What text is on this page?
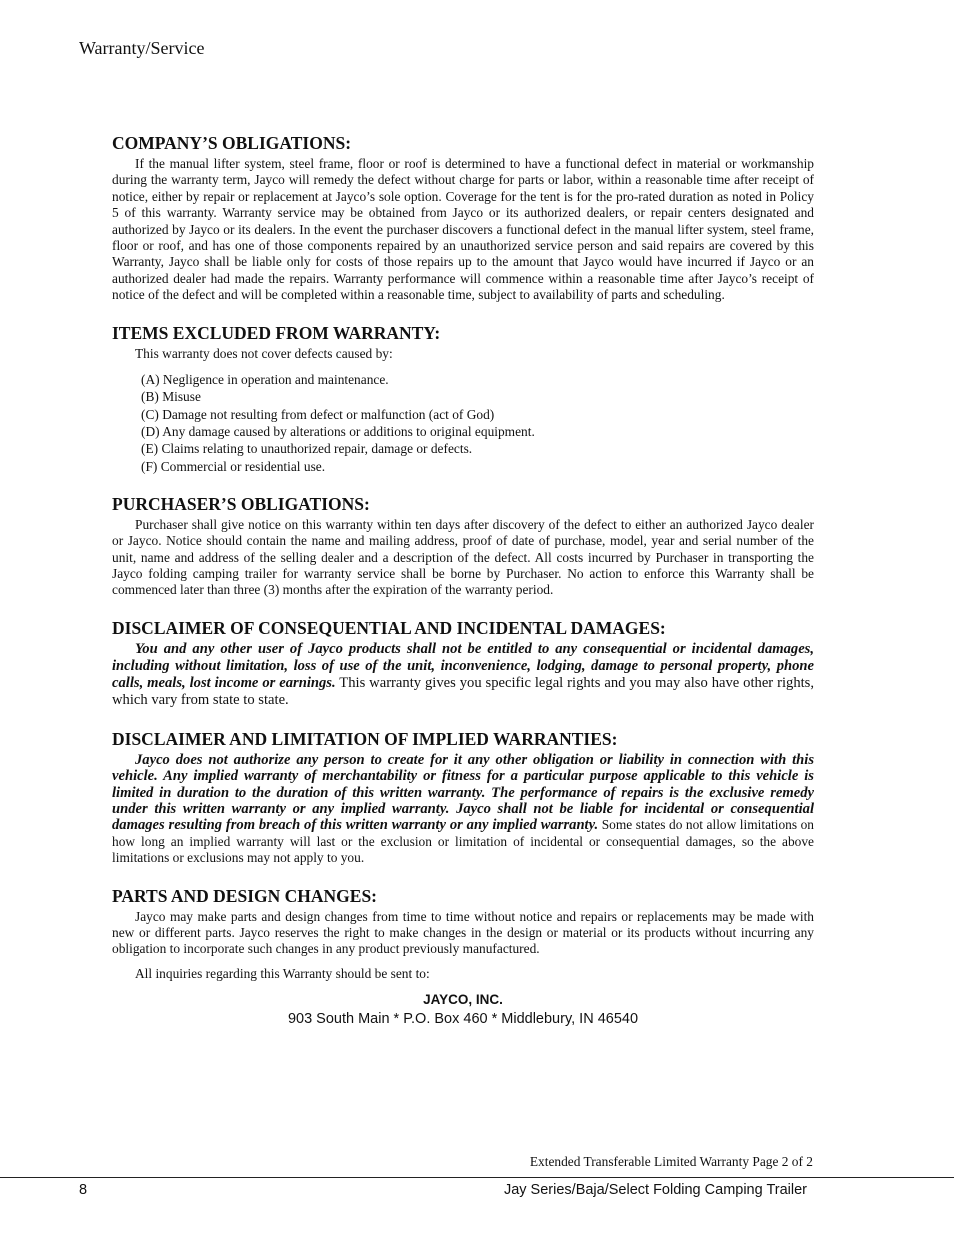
Warranty/Service
COMPANY’S OBLIGATIONS:

If the manual lifter system, steel frame, floor or roof is determined to have a functional defect in material or workmanship during the warranty term, Jayco will remedy the defect without charge for parts or labor, within a reasonable time after receipt of notice, either by repair or replacement at Jayco’s sole option. Coverage for the tent is for the pro-rated duration as noted in Policy 5 of this warranty. Warranty service may be obtained from Jayco or its authorized dealers, or repair centers designated and authorized by Jayco or its dealers. In the event the purchaser discovers a functional defect in the manual lifter system, steel frame, floor or roof, and has one of those components repaired by an unauthorized service person and said repairs are covered by this Warranty, Jayco shall be liable only for costs of those repairs up to the amount that Jayco would have incurred if Jayco or an authorized dealer had made the repairs. Warranty performance will commence within a reasonable time after Jayco’s receipt of notice of the defect and will be completed within a reasonable time, subject to availability of parts and scheduling.

ITEMS EXCLUDED FROM WARRANTY:

This warranty does not cover defects caused by:

(A) Negligence in operation and maintenance.
(B) Misuse
(C) Damage not resulting from defect or malfunction (act of God)
(D) Any damage caused by alterations or additions to original equipment.
(E) Claims relating to unauthorized repair, damage or defects.
(F) Commercial or residential use.
PURCHASER’S OBLIGATIONS:

Purchaser shall give notice on this warranty within ten days after discovery of the defect to either an authorized Jayco dealer or Jayco. Notice should contain the name and mailing address, proof of date of purchase, model, year and serial number of the unit, name and address of the selling dealer and a description of the defect. All costs incurred by Purchaser in transporting the Jayco folding camping trailer for warranty service shall be borne by Purchaser. No action to enforce this Warranty shall be commenced later than three (3) months after the expiration of the warranty period.

DISCLAIMER OF CONSEQUENTIAL AND INCIDENTAL DAMAGES:

You and any other user of Jayco products shall not be entitled to any consequential or incidental damages, including without limitation, loss of use of the unit, inconvenience, lodging, damage to personal property, phone calls, meals, lost income or earnings. This warranty gives you specific legal rights and you may also have other rights, which vary from state to state.

DISCLAIMER AND LIMITATION OF IMPLIED WARRANTIES:

Jayco does not authorize any person to create for it any other obligation or liability in connection with this vehicle. Any implied warranty of merchantability or fitness for a particular purpose applicable to this vehicle is limited in duration to the duration of this written warranty. The performance of repairs is the exclusive remedy under this written warranty or any implied warranty. Jayco shall not be liable for incidental or consequential damages resulting from breach of this written warranty or any implied warranty. Some states do not allow limitations on how long an implied warranty will last or the exclusion or limitation of incidental or consequential damages, so the above limitations or exclusions may not apply to you.

PARTS AND DESIGN CHANGES:

Jayco may make parts and design changes from time to time without notice and repairs or replacements may be made with new or different parts. Jayco reserves the right to make changes in the design or material or its products without incurring any obligation to incorporate such changes in any product previously manufactured.

All inquiries regarding this Warranty should be sent to:

JAYCO, INC.
903 South Main * P.O. Box 460 * Middlebury, IN 46540
Extended Transferable Limited Warranty Page 2 of 2
8	Jay Series/Baja/Select Folding Camping Trailer
